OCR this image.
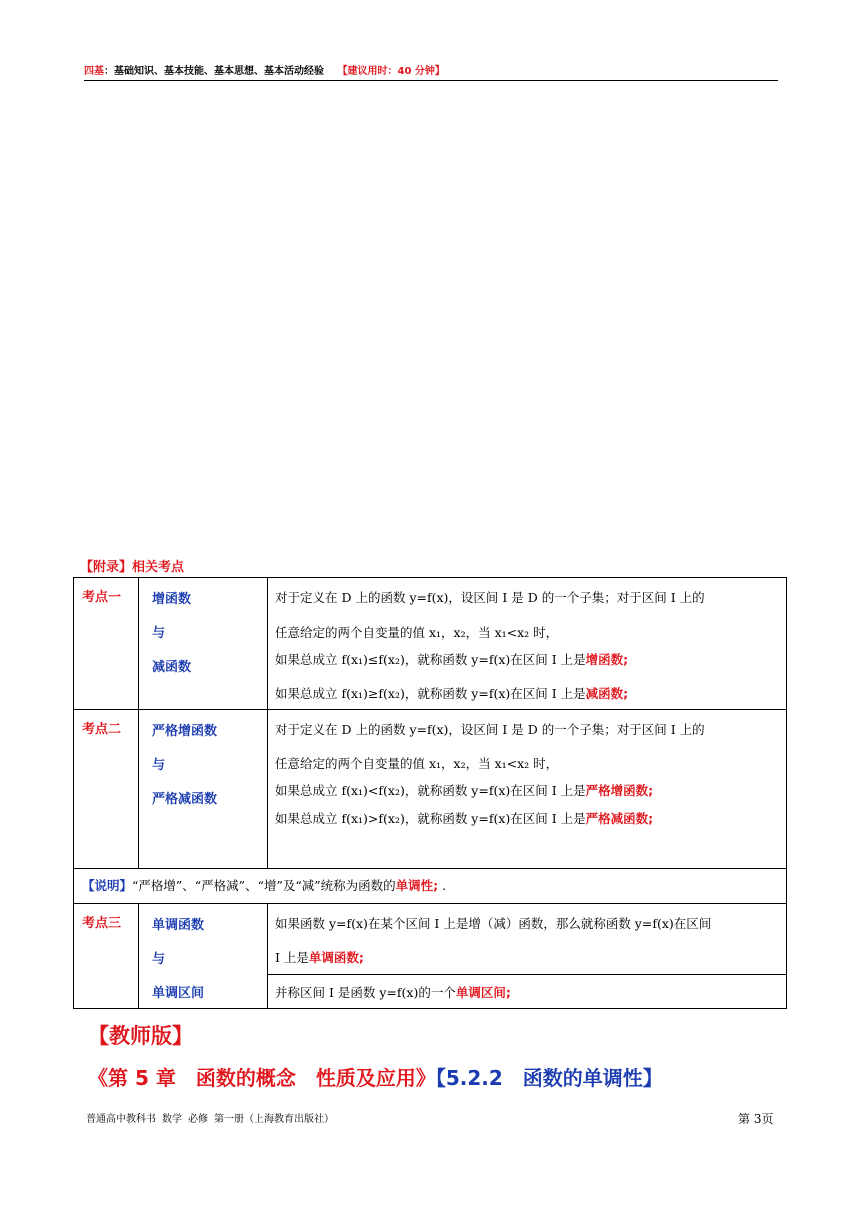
四基：基础知识、基本技能、基本思想、基本活动经验　 【建议用时：40 分钟】
【附录】相关考点
考点一 增函数
与
减函数
对于定义在 D 上的函数 y=f(x)，设区间 I 是 D 的一个子集；对于区间 I 上的
任意给定的两个自变量的值 x₁，x₂，当 x₁<x₂ 时，
如果总成立 f(x₁)≤f(x₂)，就称函数 y=f(x)在区间 I 上是增函数;
如果总成立 f(x₁)≥f(x₂)，就称函数 y=f(x)在区间 I 上是减函数;
考点二 严格增函数
与
严格减函数
对于定义在 D 上的函数 y=f(x)，设区间 I 是 D 的一个子集；对于区间 I 上的
任意给定的两个自变量的值 x₁，x₂，当 x₁<x₂ 时，
如果总成立 f(x₁)<f(x₂)，就称函数 y=f(x)在区间 I 上是严格增函数;
如果总成立 f(x₁)>f(x₂)，就称函数 y=f(x)在区间 I 上是严格减函数;
【说明】“严格增”、“严格减”、“增”及“减”统称为函数的单调性; .
考点三 单调函数
与
单调区间
如果函数 y=f(x)在某个区间 I 上是增（减）函数，那么就称函数 y=f(x)在区间
I 上是单调函数;
并称区间 I 是函数 y=f(x)的一个单调区间;
【教师版】
《第 5 章　函数的概念　性质及应用》【5.2.2　函数的单调性】
普通高中教科书 数学 必修 第一册（上海教育出版社）	第 3页
